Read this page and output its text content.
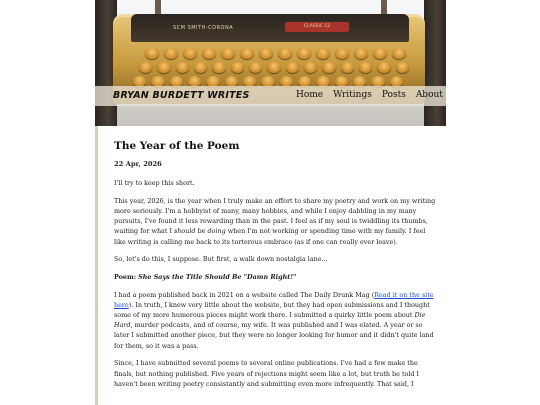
SCM SMITH-CORONA	CLASSIC 12
BRYAN BURDETT WRITES	Home	Writings	Posts	About
The Year of the Poem
22 Apr, 2026

I'll try to keep this short.

This year, 2026, is the year when I truly make an effort to share my poetry and work on my writing more seriously. I'm a hobbyist of many, many hobbies, and while I enjoy dabbling in my many pursuits, I've found it less rewarding than in the past. I feel as if my soul is twiddling its thumbs, waiting for what I should be doing when I'm not working or spending time with my family. I feel like writing is calling me back to its torterous embrace (as if one can really ever leave).

So, let's do this, I suppose. But first, a walk down nostalgia lane...

Poem: She Says the Title Should Be "Damn Right!"

I had a poem published back in 2021 on a website called The Daily Drunk Mag (Read it on the site here). In truth, I knew very little about the website, but they had open submissions and I thought some of my more humerous pieces might work there. I submitted a quirky little poem about Die Hard, murder podcasts, and of course, my wife. It was published and I was elated. A year or so later I submitted another piece, but they were no longer looking for humor and it didn't quite land for them, so it was a pass.

Since, I have submitted several poems to several online publications. I've had a few make the finals, but nothing published. Five years of rejections might seem like a lot, but truth be told I haven't been writing poetry consistantly and submitting even more infrequently. That said, I
